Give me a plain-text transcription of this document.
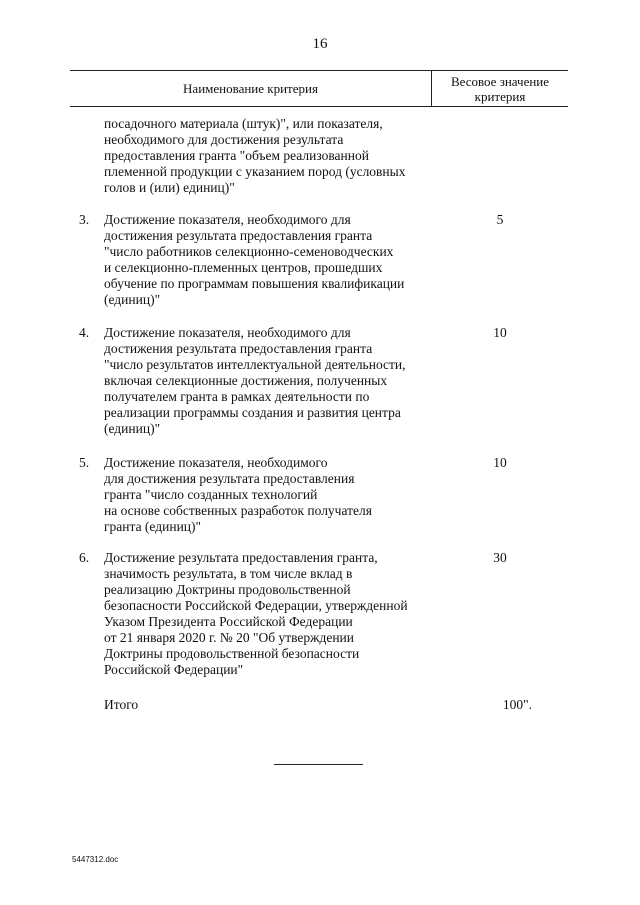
16
Наименование критерия	Весовое значение
критерия
посадочного материала (штук)", или показателя,
необходимого для достижения результата
предоставления гранта "объем реализованной
племенной продукции с указанием пород (условных
голов и (или) единиц)"
3. Достижение показателя, необходимого для
достижения результата предоставления гранта
"число работников селекционно-семеноводческих
и селекционно-племенных центров, прошедших
обучение по программам повышения квалификации
(единиц)"
5
4. Достижение показателя, необходимого для
достижения результата предоставления гранта
"число результатов интеллектуальной деятельности,
включая селекционные достижения, полученных
получателем гранта в рамках деятельности по
реализации программы создания и развития центра
(единиц)"
10
5. Достижение показателя, необходимого
для достижения результата предоставления
гранта "число созданных технологий
на основе собственных разработок получателя
гранта (единиц)"
10
6. Достижение результата предоставления гранта,
значимость результата, в том числе вклад в
реализацию Доктрины продовольственной
безопасности Российской Федерации, утвержденной
Указом Президента Российской Федерации
от 21 января 2020 г. № 20 "Об утверждении
Доктрины продовольственной безопасности
Российской Федерации"
30
Итого	100".
5447312.doc
